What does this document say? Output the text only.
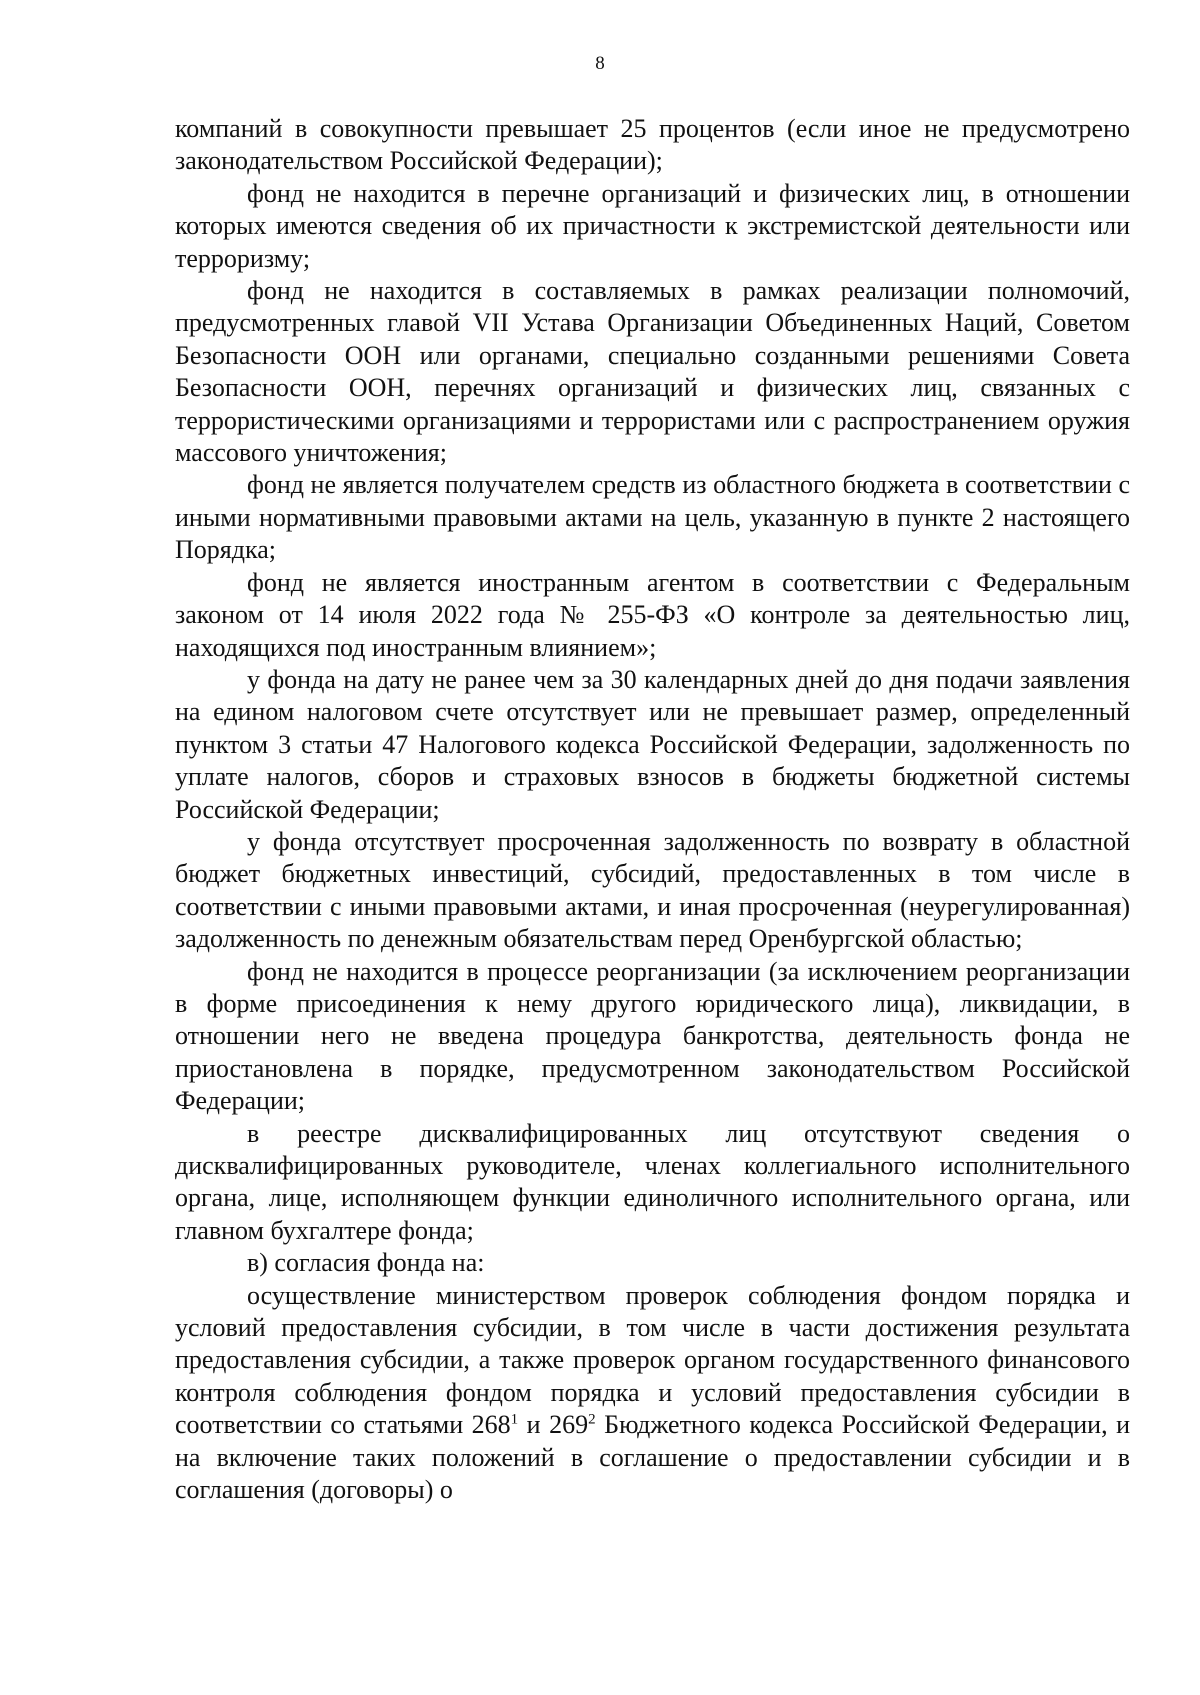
8

компаний в совокупности превышает 25 процентов (если иное не предусмотрено законодательством Российской Федерации);

фонд не находится в перечне организаций и физических лиц, в отношении которых имеются сведения об их причастности к экстремистской деятельности или терроризму;

фонд не находится в составляемых в рамках реализации полномочий, предусмотренных главой VII Устава Организации Объединенных Наций, Советом Безопасности ООН или органами, специально созданными решениями Совета Безопасности ООН, перечнях организаций и физических лиц, связанных с террористическими организациями и террористами или с распространением оружия массового уничтожения;

фонд не является получателем средств из областного бюджета в соответствии с иными нормативными правовыми актами на цель, указанную в пункте 2 настоящего Порядка;

фонд не является иностранным агентом в соответствии с Федеральным законом от 14 июля 2022 года № 255-ФЗ «О контроле за деятельностью лиц, находящихся под иностранным влиянием»;

у фонда на дату не ранее чем за 30 календарных дней до дня подачи заявления на едином налоговом счете отсутствует или не превышает размер, определенный пунктом 3 статьи 47 Налогового кодекса Российской Федерации, задолженность по уплате налогов, сборов и страховых взносов в бюджеты бюджетной системы Российской Федерации;

у фонда отсутствует просроченная задолженность по возврату в областной бюджет бюджетных инвестиций, субсидий, предоставленных в том числе в соответствии с иными правовыми актами, и иная просроченная (неурегулированная) задолженность по денежным обязательствам перед Оренбургской областью;

фонд не находится в процессе реорганизации (за исключением реорганизации в форме присоединения к нему другого юридического лица), ликвидации, в отношении него не введена процедура банкротства, деятельность фонда не приостановлена в порядке, предусмотренном законодательством Российской Федерации;

в реестре дисквалифицированных лиц отсутствуют сведения о дисквалифицированных руководителе, членах коллегиального исполнительного органа, лице, исполняющем функции единоличного исполнительного органа, или главном бухгалтере фонда;

в) согласия фонда на:

осуществление министерством проверок соблюдения фондом порядка и условий предоставления субсидии, в том числе в части достижения результата предоставления субсидии, а также проверок органом государственного финансового контроля соблюдения фондом порядка и условий предоставления субсидии в соответствии со статьями $268^1$ и $269^2$ Бюджетного кодекса Российской Федерации, и на включение таких положений в соглашение о предоставлении субсидии и в соглашения (договоры) о
